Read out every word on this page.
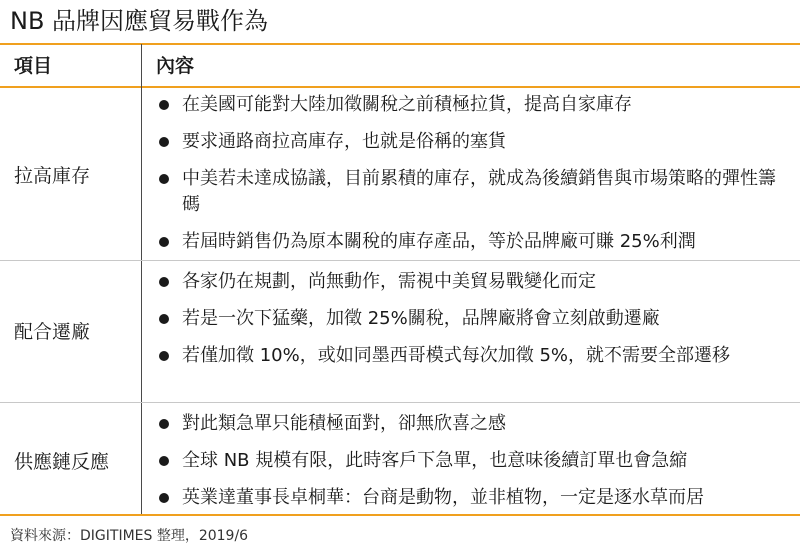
NB 品牌因應貿易戰作為
項目	內容
拉高庫存
在美國可能對大陸加徵關稅之前積極拉貨，提高自家庫存
要求通路商拉高庫存，也就是俗稱的塞貨
中美若未達成協議，目前累積的庫存，就成為後續銷售與市場策略的彈性籌碼
若屆時銷售仍為原本關稅的庫存產品，等於品牌廠可賺 25%利潤
配合遷廠
各家仍在規劃，尚無動作，需視中美貿易戰變化而定
若是一次下猛藥，加徵 25%關稅，品牌廠將會立刻啟動遷廠
若僅加徵 10%，或如同墨西哥模式每次加徵 5%，就不需要全部遷移
供應鏈反應
對此類急單只能積極面對，卻無欣喜之感
全球 NB 規模有限，此時客戶下急單，也意味後續訂單也會急縮
英業達董事長卓桐華：台商是動物，並非植物，一定是逐水草而居
資料來源：DIGITIMES 整理，2019/6
